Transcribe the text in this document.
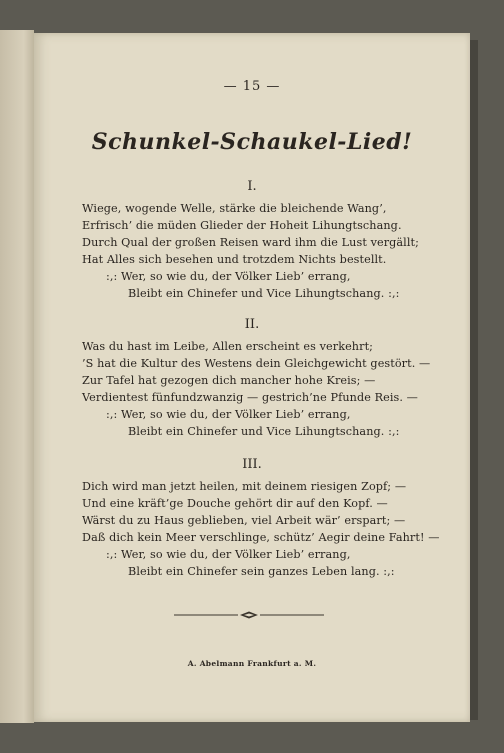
— 15 —
Schunkel-Schaukel-Lied!
I.
Wiege, wogende Welle, stärke die bleichende Wang’,
Erfrisch’ die müden Glieder der Hoheit Lihungtschang.
Durch Qual der großen Reisen ward ihm die Lust vergällt;
Hat Alles sich besehen und trotzdem Nichts bestellt.
:,: Wer, so wie du, der Völker Lieb’ errang,
Bleibt ein Chinefer und Vice Lihungtschang. :,:
II.
Was du hast im Leibe, Allen erscheint es verkehrt;
’S hat die Kultur des Westens dein Gleichgewicht gestört. —
Zur Tafel hat gezogen dich mancher hohe Kreis; —
Verdientest fünfundzwanzig — gestrich’ne Pfunde Reis. —
:,: Wer, so wie du, der Völker Lieb’ errang,
Bleibt ein Chinefer und Vice Lihungtschang. :,:
III.
Dich wird man jetzt heilen, mit deinem riesigen Zopf; —
Und eine kräft’ge Douche gehört dir auf den Kopf. —
Wärst du zu Haus geblieben, viel Arbeit wär’ erspart; —
Daß dich kein Meer verschlinge, schütz’ Aegir deine Fahrt! —
:,: Wer, so wie du, der Völker Lieb’ errang,
Bleibt ein Chinefer sein ganzes Leben lang. :,:
A. Abelmann Frankfurt a. M.
